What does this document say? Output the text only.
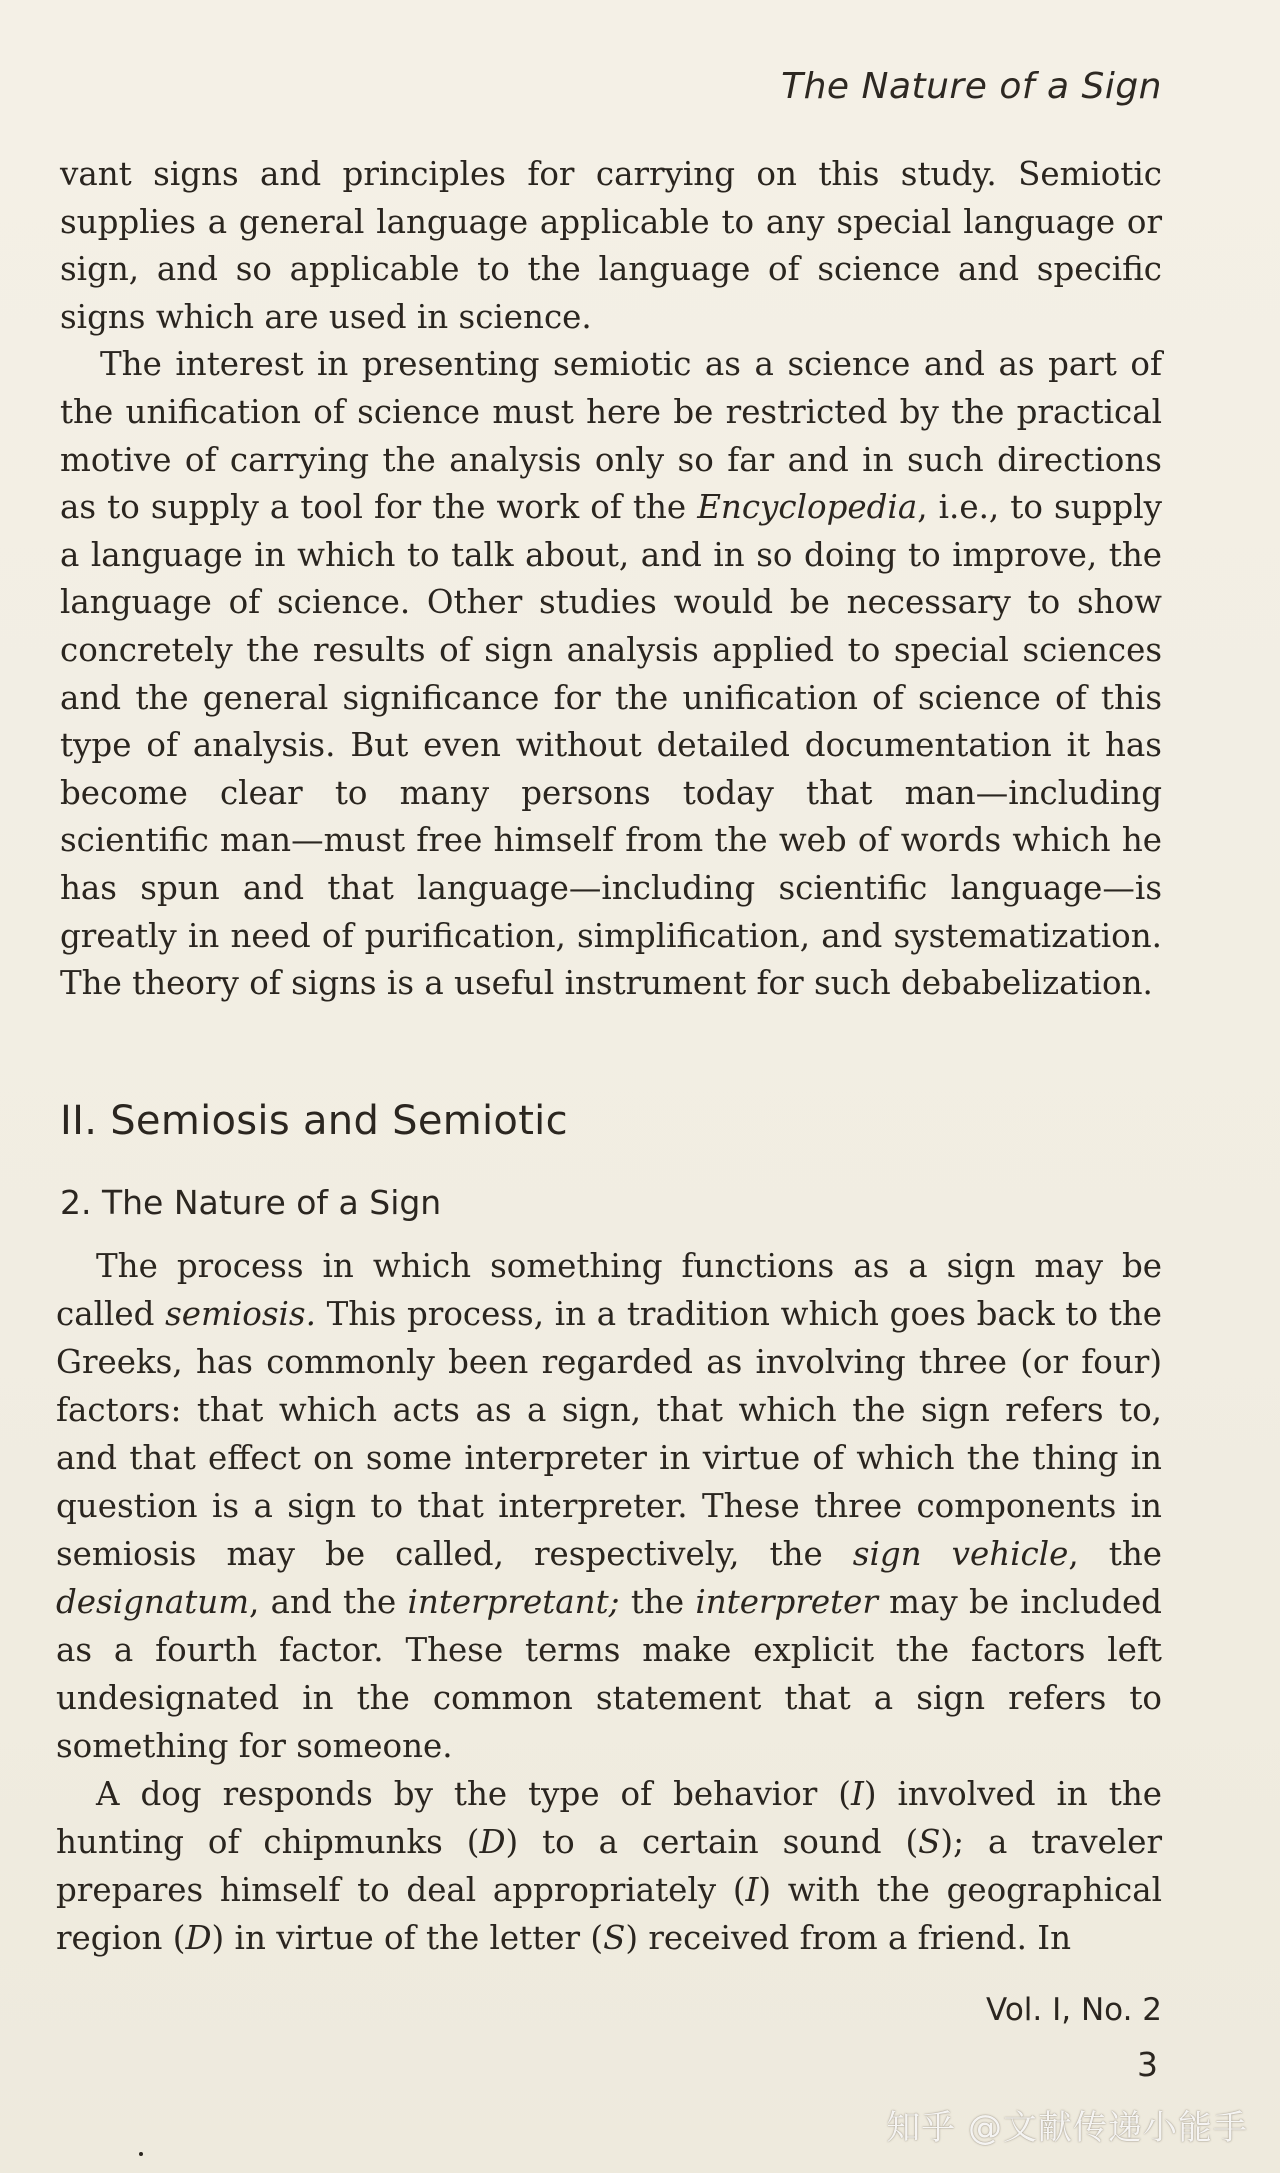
The Nature of a Sign

vant signs and principles for carrying on this study. Semiotic supplies a general language applicable to any special language or sign, and so applicable to the language of science and specific signs which are used in science.

The interest in presenting semiotic as a science and as part of the unification of science must here be restricted by the practical motive of carrying the analysis only so far and in such directions as to supply a tool for the work of the Encyclopedia, i.e., to supply a language in which to talk about, and in so doing to improve, the language of science. Other studies would be necessary to show concretely the results of sign analysis applied to special sciences and the general significance for the unification of science of this type of analysis. But even without detailed documentation it has become clear to many persons today that man—including scientific man—must free himself from the web of words which he has spun and that language—including scientific language—is greatly in need of purification, simplification, and systematization. The theory of signs is a useful instrument for such debabelization.

II. Semiosis and Semiotic
2. The Nature of a Sign

The process in which something functions as a sign may be called semiosis. This process, in a tradition which goes back to the Greeks, has commonly been regarded as involving three (or four) factors: that which acts as a sign, that which the sign refers to, and that effect on some interpreter in virtue of which the thing in question is a sign to that interpreter. These three components in semiosis may be called, respectively, the sign vehicle, the designatum, and the interpretant; the interpreter may be included as a fourth factor. These terms make explicit the factors left undesignated in the common statement that a sign refers to something for someone.

A dog responds by the type of behavior (I) involved in the hunting of chipmunks (D) to a certain sound (S); a traveler prepares himself to deal appropriately (I) with the geographical region (D) in virtue of the letter (S) received from a friend. In

Vol. I, No. 2
3
知乎 @文献传递小能手
